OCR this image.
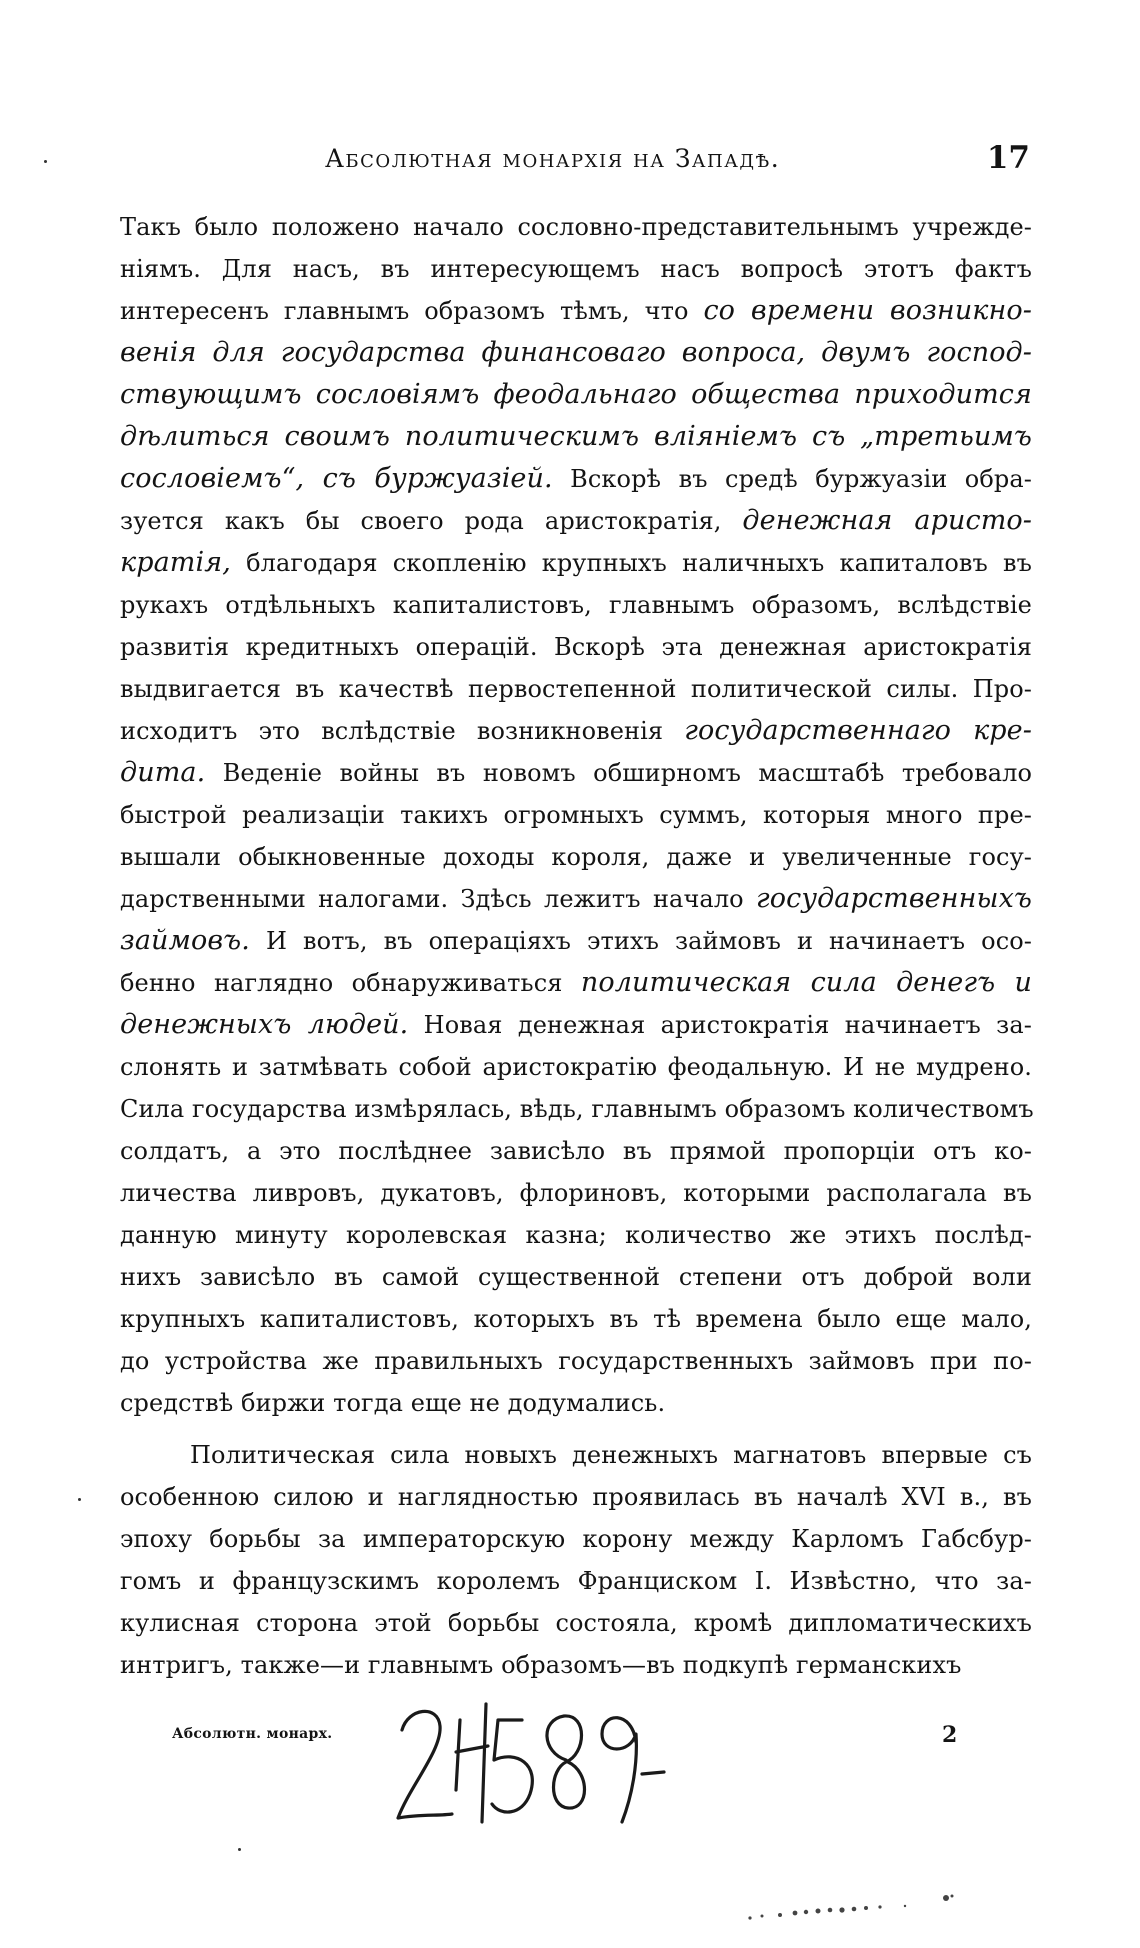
Абсолютная монархія на Западѣ.	17
Такъ было положено начало сословно-представительнымъ учрежде-
ніямъ. Для насъ, въ интересующемъ насъ вопросѣ этотъ фактъ
интересенъ главнымъ образомъ тѣмъ, что со времени возникно-
венія для государства финансоваго вопроса, двумъ господ-
ствующимъ сословіямъ феодальнаго общества приходится
дѣлиться своимъ политическимъ вліяніемъ съ „третьимъ
сословіемъ“, съ буржуазіей. Вскорѣ въ средѣ буржуазіи обра-
зуется какъ бы своего рода аристократія, денежная аристо-
кратія, благодаря скопленію крупныхъ наличныхъ капиталовъ въ
рукахъ отдѣльныхъ капиталистовъ, главнымъ образомъ, вслѣдствіе
развитія кредитныхъ операцій. Вскорѣ эта денежная аристократія
выдвигается въ качествѣ первостепенной политической силы. Про-
исходитъ это вслѣдствіе возникновенія государственнаго кре-
дита. Веденіе войны въ новомъ обширномъ масштабѣ требовало
быстрой реализаціи такихъ огромныхъ суммъ, которыя много пре-
вышали обыкновенные доходы короля, даже и увеличенные госу-
дарственными налогами. Здѣсь лежитъ начало государственныхъ
займовъ. И вотъ, въ операціяхъ этихъ займовъ и начинаетъ осо-
бенно наглядно обнаруживаться политическая сила денегъ и
денежныхъ людей. Новая денежная аристократія начинаетъ за-
слонять и затмѣвать собой аристократію феодальную. И не мудрено.
Сила государства измѣрялась, вѣдь, главнымъ образомъ количествомъ
солдатъ, а это послѣднее зависѣло въ прямой пропорціи отъ ко-
личества ливровъ, дукатовъ, флориновъ, которыми располагала въ
данную минуту королевская казна; количество же этихъ послѣд-
нихъ зависѣло въ самой существенной степени отъ доброй воли
крупныхъ капиталистовъ, которыхъ въ тѣ времена было еще мало,
до устройства же правильныхъ государственныхъ займовъ при по-
средствѣ биржи тогда еще не додумались.
Политическая сила новыхъ денежныхъ магнатовъ впервые съ
особенною силою и наглядностью проявилась въ началѣ XVI в., въ
эпоху борьбы за императорскую корону между Карломъ Габсбур-
гомъ и французскимъ королемъ Франциском I. Извѣстно, что за-
кулисная сторона этой борьбы состояла, кромѣ дипломатическихъ
интригъ, также—и главнымъ образомъ—въ подкупѣ германскихъ
Абсолютн. монарх.	2
